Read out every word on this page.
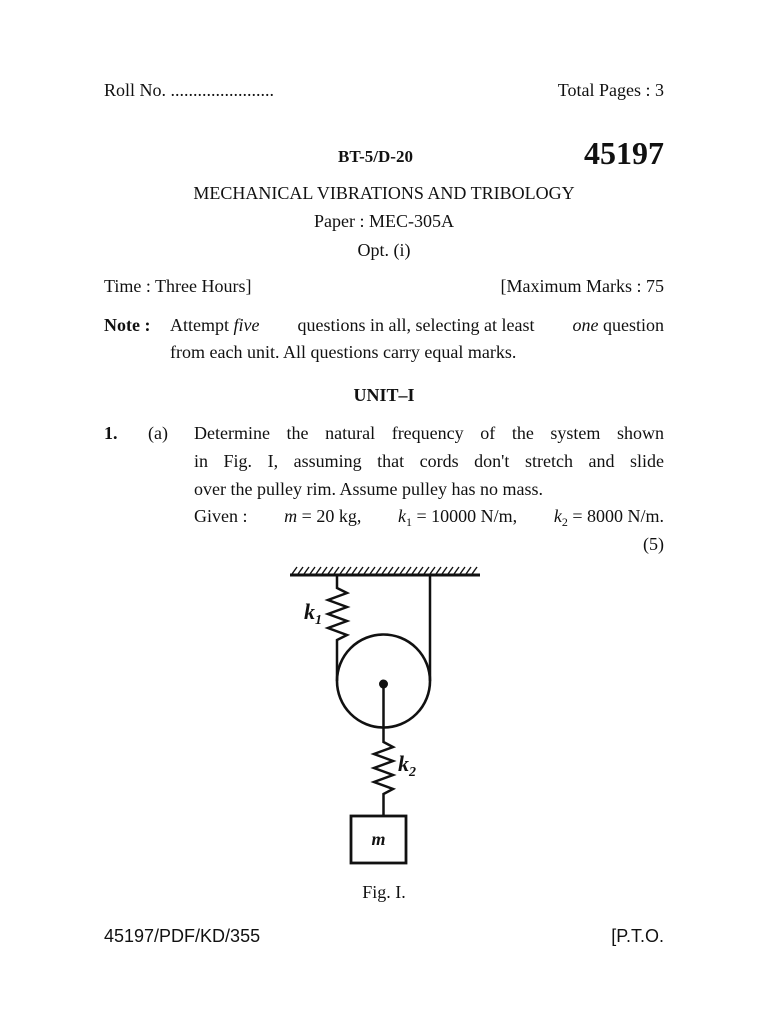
Roll No. .......................	Total Pages : 3
BT-5/D-20	45197
MECHANICAL VIBRATIONS AND TRIBOLOGY
Paper : MEC-305A
Opt. (i)
Time : Three Hours]	[Maximum Marks : 75
Note : Attempt five questions in all, selecting at least one question
from each unit. All questions carry equal marks.
UNIT–I
1. (a) Determine the natural frequency of the system shown
in Fig. I, assuming that cords don't stretch and slide
over the pulley rim. Assume pulley has no mass.
Given : m = 20 kg, $k_1 = 10000$ N/m, $k_2 = 8000$ N/m.
(5)
$k_1$
$k_2$
m
Fig. I.
45197/PDF/KD/355	[P.T.O.
